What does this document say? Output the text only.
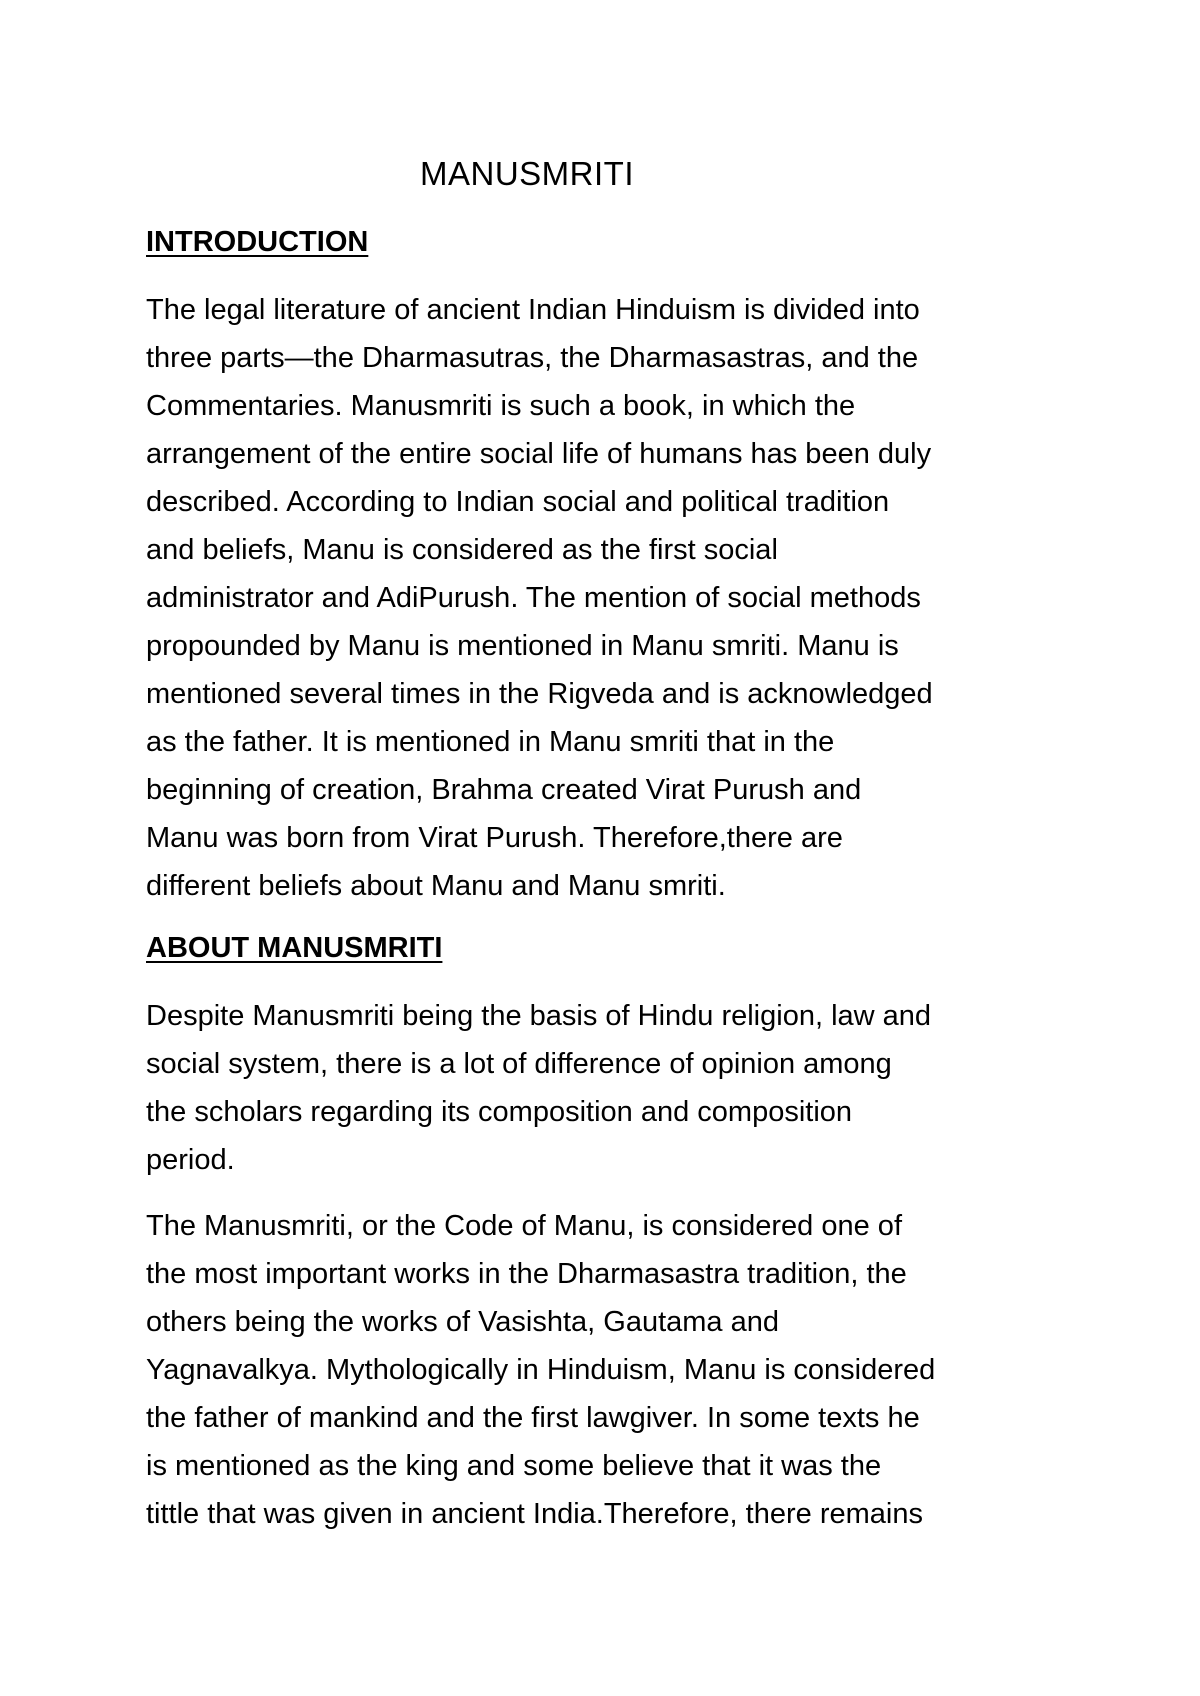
MANUSMRITI
INTRODUCTION

The legal literature of ancient Indian Hinduism is divided into
three parts—the Dharmasutras, the Dharmasastras, and the
Commentaries. Manusmriti is such a book, in which the
arrangement of the entire social life of humans has been duly
described. According to Indian social and political tradition
and beliefs, Manu is considered as the first social
administrator and AdiPurush. The mention of social methods
propounded by Manu is mentioned in Manu smriti. Manu is
mentioned several times in the Rigveda and is acknowledged
as the father. It is mentioned in Manu smriti that in the
beginning of creation, Brahma created Virat Purush and
Manu was born from Virat Purush. Therefore,there are
different beliefs about Manu and Manu smriti.

ABOUT MANUSMRITI

Despite Manusmriti being the basis of Hindu religion, law and
social system, there is a lot of difference of opinion among
the scholars regarding its composition and composition
period.

The Manusmriti, or the Code of Manu, is considered one of
the most important works in the Dharmasastra tradition, the
others being the works of Vasishta, Gautama and
Yagnavalkya. Mythologically in Hinduism, Manu is considered
the father of mankind and the first lawgiver. In some texts he
is mentioned as the king and some believe that it was the
tittle that was given in ancient India.Therefore, there remains
